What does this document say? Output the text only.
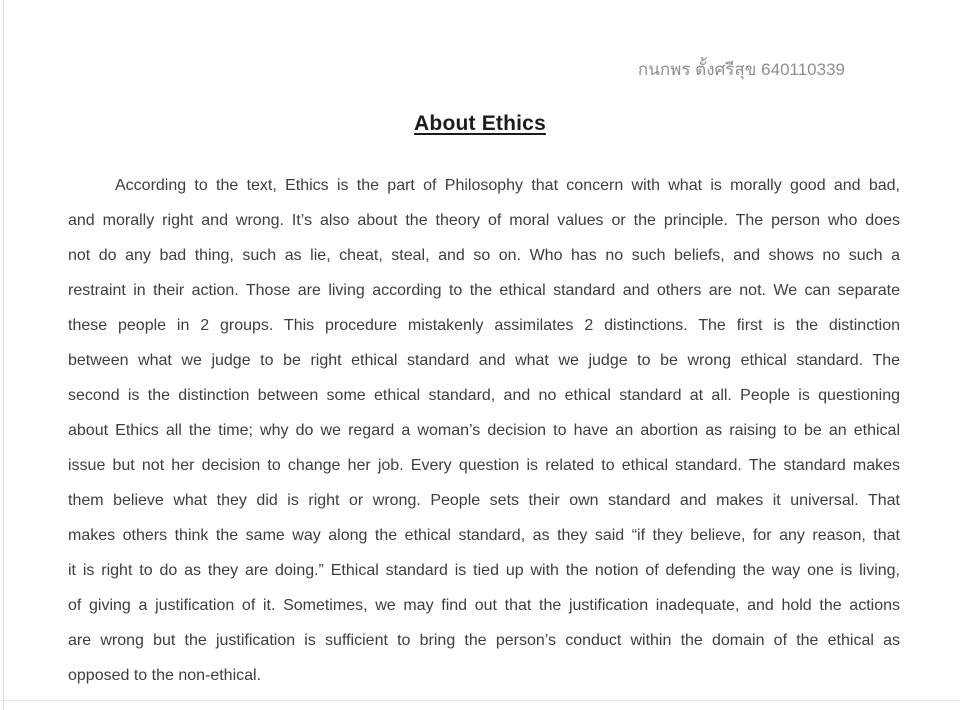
กนกพร ตั้งศรีสุข 640110339
About Ethics
According to the text, Ethics is the part of Philosophy that concern with what is morally good and bad,
and morally right and wrong. It’s also about the theory of moral values or the principle. The person who does
not do any bad thing, such as lie, cheat, steal, and so on. Who has no such beliefs, and shows no such a
restraint in their action. Those are living according to the ethical standard and others are not. We can separate
these people in 2 groups. This procedure mistakenly assimilates 2 distinctions. The first is the distinction
between what we judge to be right ethical standard and what we judge to be wrong ethical standard. The
second is the distinction between some ethical standard, and no ethical standard at all. People is questioning
about Ethics all the time; why do we regard a woman’s decision to have an abortion as raising to be an ethical
issue but not her decision to change her job. Every question is related to ethical standard. The standard makes
them believe what they did is right or wrong. People sets their own standard and makes it universal. That
makes others think the same way along the ethical standard, as they said “if they believe, for any reason, that
it is right to do as they are doing.” Ethical standard is tied up with the notion of defending the way one is living,
of giving a justification of it. Sometimes, we may find out that the justification inadequate, and hold the actions
are wrong but the justification is sufficient to bring the person’s conduct within the domain of the ethical as
opposed to the non-ethical.
